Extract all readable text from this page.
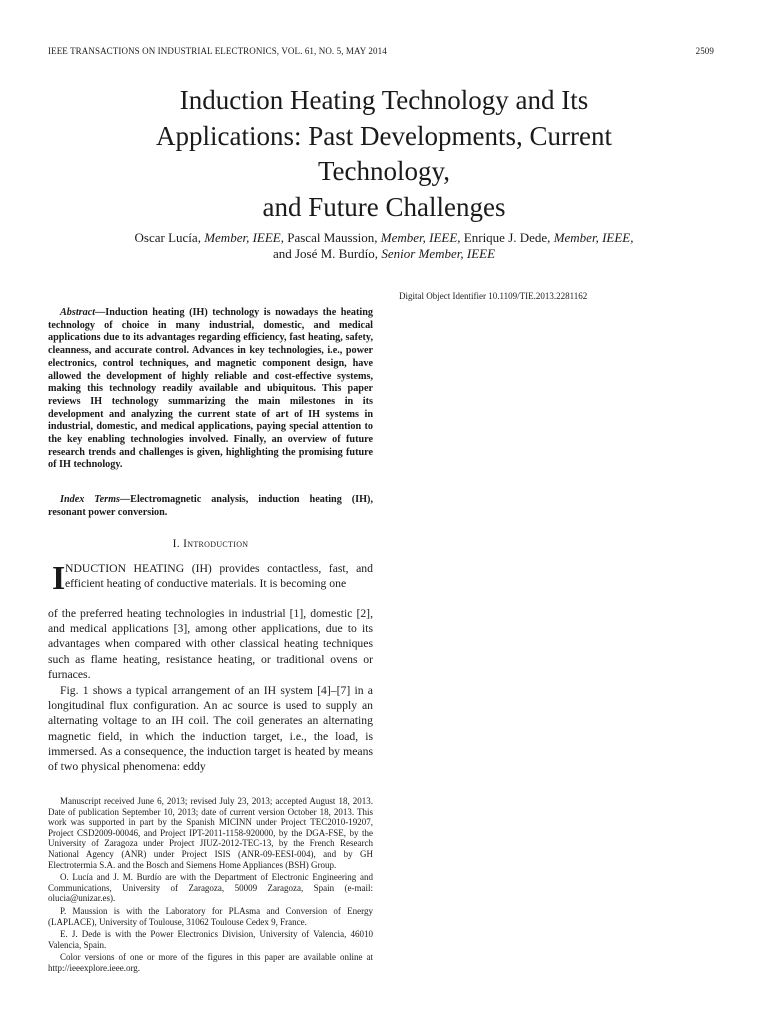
IEEE TRANSACTIONS ON INDUSTRIAL ELECTRONICS, VOL. 61, NO. 5, MAY 2014	2509
Induction Heating Technology and Its
Applications: Past Developments, Current
Technology,
and Future Challenges
Oscar Lucía, Member, IEEE, Pascal Maussion, Member, IEEE, Enrique J. Dede, Member, IEEE,
and José M. Burdío, Senior Member, IEEE
Digital Object Identifier 10.1109/TIE.2013.2281162
Abstract—Induction heating (IH) technology is nowadays the heating technology of choice in many industrial, domestic, and medical applications due to its advantages regarding efficiency, fast heating, safety, cleanness, and accurate control. Advances in key technologies, i.e., power electronics, control techniques, and magnetic component design, have allowed the development of highly reliable and cost-effective systems, making this technology readily available and ubiquitous. This paper reviews IH technology summarizing the main milestones in its development and analyzing the current state of art of IH systems in industrial, domestic, and medical applications, paying special attention to the key enabling technologies involved. Finally, an overview of future research trends and challenges is given, highlighting the promising future of IH technology.
Index Terms—Electromagnetic analysis, induction heating (IH), resonant power conversion.
I. Introduction
I NDUCTION HEATING (IH) provides contactless, fast, and efficient heating of conductive materials. It is becoming one
of the preferred heating technologies in industrial [1], domestic [2], and medical applications [3], among other applications, due to its advantages when compared with other classical heating techniques such as flame heating, resistance heating, or traditional ovens or furnaces.
Fig. 1 shows a typical arrangement of an IH system [4]–[7] in a longitudinal flux configuration. An ac source is used to supply an alternating voltage to an IH coil. The coil generates an alternating magnetic field, in which the induction target, i.e., the load, is immersed. As a consequence, the induction target is heated by means of two physical phenomena: eddy

Manuscript received June 6, 2013; revised July 23, 2013; accepted August 18, 2013. Date of publication September 10, 2013; date of current version October 18, 2013. This work was supported in part by the Spanish MICINN under Project TEC2010-19207, Project CSD2009-00046, and Project IPT-2011-1158-920000, by the DGA-FSE, by the University of Zaragoza under Project JIUZ-2012-TEC-13, by the French Research National Agency (ANR) under Project ISIS (ANR-09-EESI-004), and by GH Electrotermia S.A. and the Bosch and Siemens Home Appliances (BSH) Group.

O. Lucía and J. M. Burdío are with the Department of Electronic Engineering and Communications, University of Zaragoza, 50009 Zaragoza, Spain (e-mail: olucia@unizar.es).

P. Maussion is with the Laboratory for PLAsma and Conversion of Energy (LAPLACE), University of Toulouse, 31062 Toulouse Cedex 9, France.

E. J. Dede is with the Power Electronics Division, University of Valencia, 46010 Valencia, Spain.

Color versions of one or more of the figures in this paper are available online at http://ieeexplore.ieee.org.
